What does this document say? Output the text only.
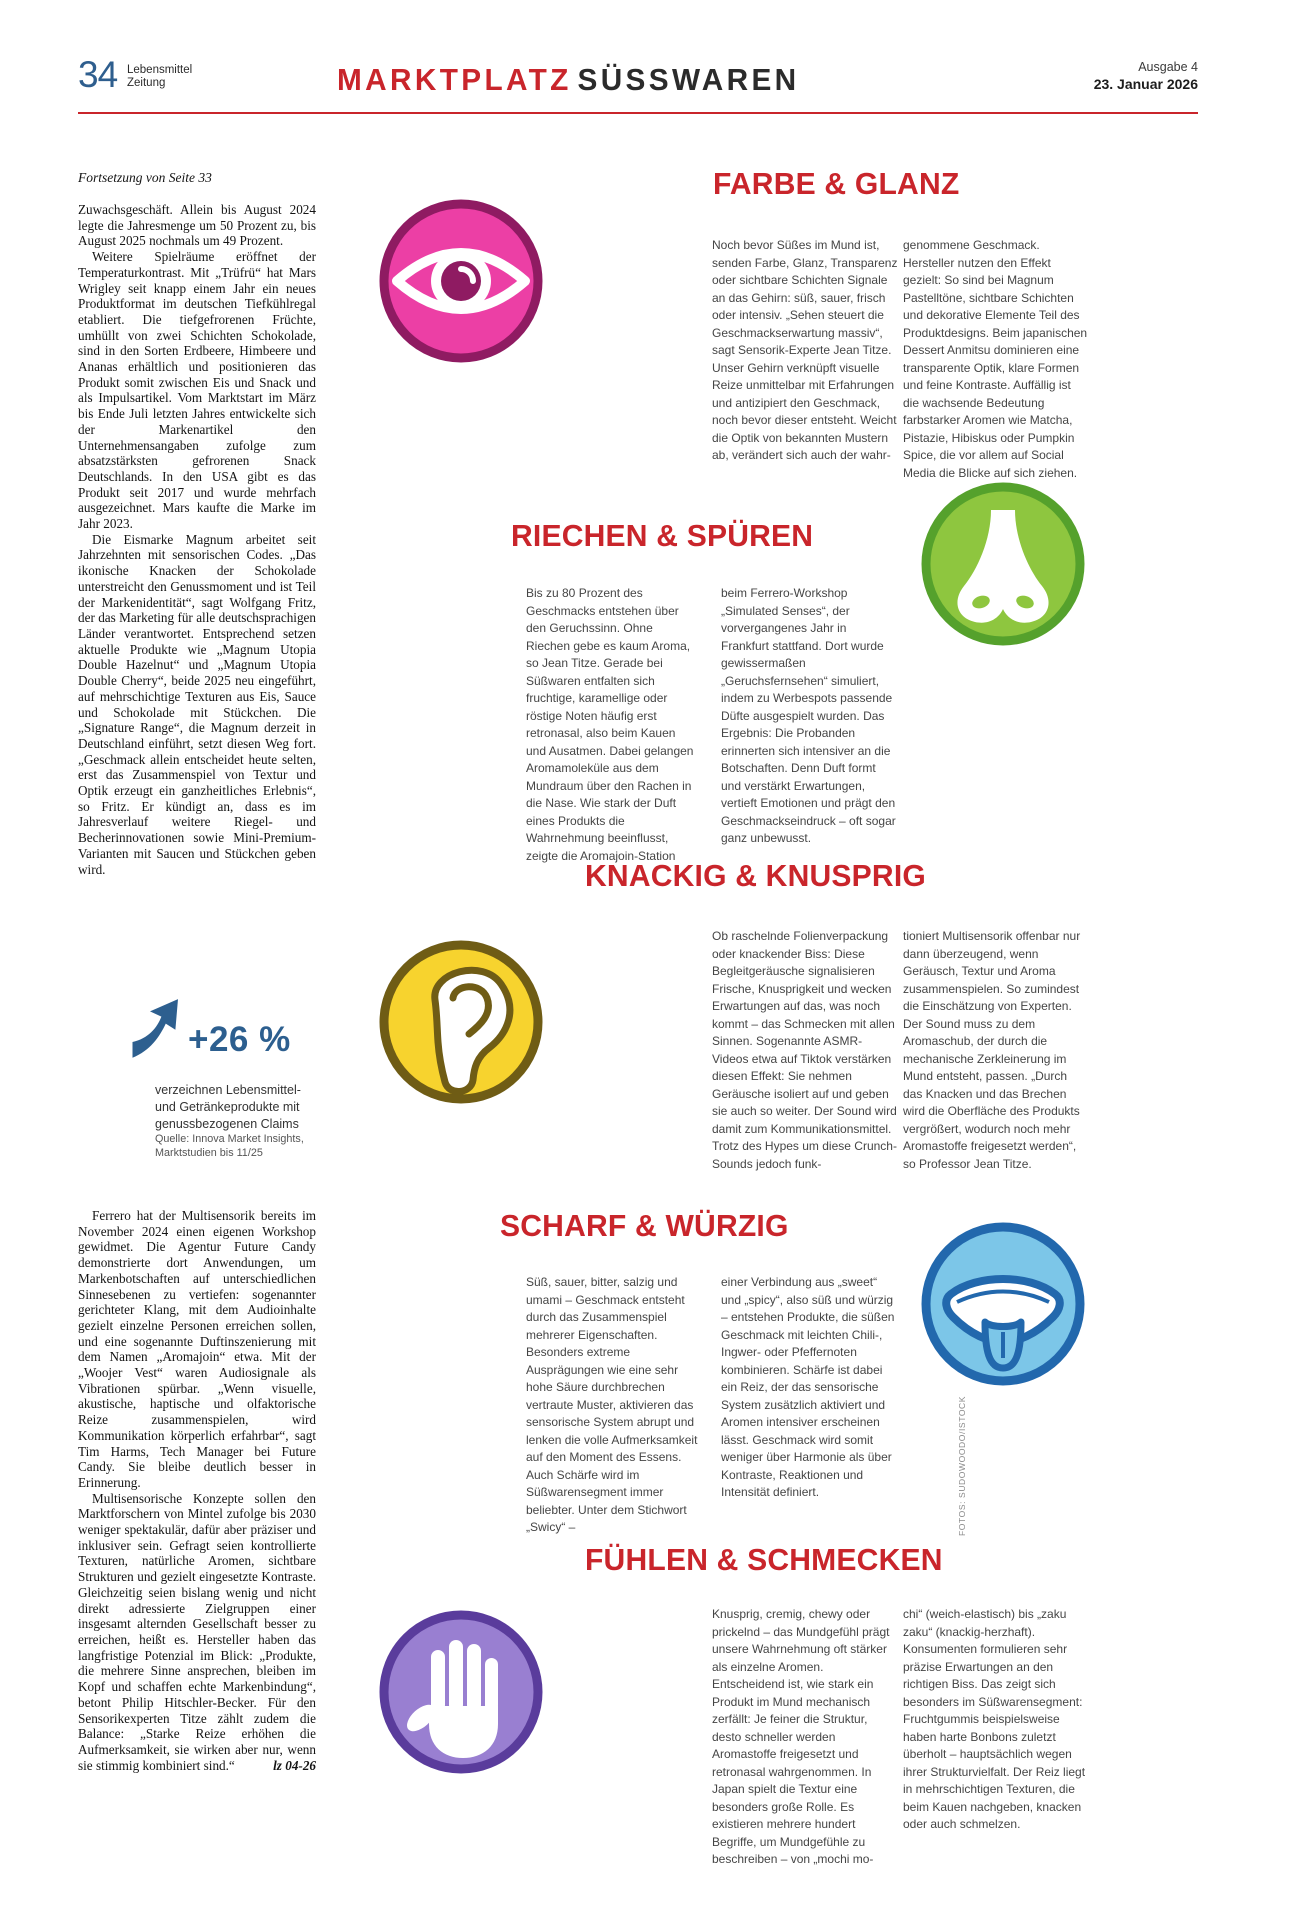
34 Lebensmittel
Zeitung	MARKTPLATZ SÜSSWAREN	Ausgabe 4
23. Januar 2026
Fortsetzung von Seite 33

Zuwachsgeschäft. Allein bis August 2024 legte die Jahresmenge um 50 Prozent zu, bis August 2025 nochmals um 49 Prozent.

Weitere Spielräume eröffnet der Temperaturkontrast. Mit „Trüfrü“ hat Mars Wrigley seit knapp einem Jahr ein neues Produktformat im deutschen Tiefkühlregal etabliert. Die tiefgefrorenen Früchte, umhüllt von zwei Schichten Schokolade, sind in den Sorten Erdbeere, Himbeere und Ananas erhältlich und positionieren das Produkt somit zwischen Eis und Snack und als Impulsartikel. Vom Marktstart im März bis Ende Juli letzten Jahres entwickelte sich der Markenartikel den Unternehmensangaben zufolge zum absatzstärksten gefrorenen Snack Deutschlands. In den USA gibt es das Produkt seit 2017 und wurde mehrfach ausgezeichnet. Mars kaufte die Marke im Jahr 2023.

Die Eismarke Magnum arbeitet seit Jahrzehnten mit sensorischen Codes. „Das ikonische Knacken der Schokolade unterstreicht den Genussmoment und ist Teil der Markenidentität“, sagt Wolfgang Fritz, der das Marketing für alle deutschsprachigen Länder verantwortet. Entsprechend setzen aktuelle Produkte wie „Magnum Utopia Double Hazelnut“ und „Magnum Utopia Double Cherry“, beide 2025 neu eingeführt, auf mehrschichtige Texturen aus Eis, Sauce und Schokolade mit Stückchen. Die „Signature Range“, die Magnum derzeit in Deutschland einführt, setzt diesen Weg fort. „Geschmack allein entscheidet heute selten, erst das Zusammenspiel von Textur und Optik erzeugt ein ganzheitliches Erlebnis“, so Fritz. Er kündigt an, dass es im Jahresverlauf weitere Riegel- und Becherinnovationen sowie Mini-Premium-Varianten mit Saucen und Stückchen geben wird.

+26 %
verzeichnen Lebensmittel- und Getränkeprodukte mit genussbezogenen Claims
Quelle: Innova Market Insights, Marktstudien bis 11/25

Ferrero hat der Multisensorik bereits im November 2024 einen eigenen Workshop gewidmet. Die Agentur Future Candy demonstrierte dort Anwendungen, um Markenbotschaften auf unterschiedlichen Sinnesebenen zu vertiefen: sogenannter gerichteter Klang, mit dem Audioinhalte gezielt einzelne Personen erreichen sollen, und eine sogenannte Duftinszenierung mit dem Namen „Aromajoin“ etwa. Mit der „Woojer Vest“ waren Audiosignale als Vibrationen spürbar. „Wenn visuelle, akustische, haptische und olfaktorische Reize zusammenspielen, wird Kommunikation körperlich erfahrbar“, sagt Tim Harms, Tech Manager bei Future Candy. Sie bleibe deutlich besser in Erinnerung.

Multisensorische Konzepte sollen den Marktforschern von Mintel zufolge bis 2030 weniger spektakulär, dafür aber präziser und inklusiver sein. Gefragt seien kontrollierte Texturen, natürliche Aromen, sichtbare Strukturen und gezielt eingesetzte Kontraste. Gleichzeitig seien bislang wenig und nicht direkt adressierte Zielgruppen einer insgesamt alternden Gesellschaft besser zu erreichen, heißt es. Hersteller haben das langfristige Potenzial im Blick: „Produkte, die mehrere Sinne ansprechen, bleiben im Kopf und schaffen echte Markenbindung“, betont Philip Hitschler-Becker. Für den Sensorikexperten Titze zählt zudem die Balance: „Starke Reize erhöhen die Aufmerksamkeit, sie wirken aber nur, wenn sie stimmig kombiniert sind.“	lz 04-26
FARBE & GLANZ
Noch bevor Süßes im Mund ist, senden Farbe, Glanz, Transparenz oder sichtbare Schichten Signale an das Gehirn: süß, sauer, frisch oder intensiv. „Sehen steuert die Geschmackserwartung massiv“, sagt Sensorik-Experte Jean Titze. Unser Gehirn verknüpft visuelle Reize unmittelbar mit Erfahrungen und antizipiert den Geschmack, noch bevor dieser entsteht. Weicht die Optik von bekannten Mustern ab, verändert sich auch der wahr-
genommene Geschmack. Hersteller nutzen den Effekt gezielt: So sind bei Magnum Pastelltöne, sichtbare Schichten und dekorative Elemente Teil des Produktdesigns. Beim japanischen Dessert Anmitsu dominieren eine transparente Optik, klare Formen und feine Kontraste. Auffällig ist die wachsende Bedeutung farbstarker Aromen wie Matcha, Pistazie, Hibiskus oder Pumpkin Spice, die vor allem auf Social Media die Blicke auf sich ziehen.
RIECHEN & SPÜREN
Bis zu 80 Prozent des Geschmacks entstehen über den Geruchssinn. Ohne Riechen gebe es kaum Aroma, so Jean Titze. Gerade bei Süßwaren entfalten sich fruchtige, karamellige oder röstige Noten häufig erst retronasal, also beim Kauen und Ausatmen. Dabei gelangen Aromamoleküle aus dem Mundraum über den Rachen in die Nase. Wie stark der Duft eines Produkts die Wahrnehmung beeinflusst, zeigte die Aromajoin-Station
beim Ferrero-Workshop „Simulated Senses“, der vorvergangenes Jahr in Frankfurt stattfand. Dort wurde gewissermaßen „Geruchsfernsehen“ simuliert, indem zu Werbespots passende Düfte ausgespielt wurden. Das Ergebnis: Die Probanden erinnerten sich intensiver an die Botschaften. Denn Duft formt und verstärkt Erwartungen, vertieft Emotionen und prägt den Geschmackseindruck – oft sogar ganz unbewusst.
KNACKIG & KNUSPRIG
Ob raschelnde Folienverpackung oder knackender Biss: Diese Begleitgeräusche signalisieren Frische, Knusprigkeit und wecken Erwartungen auf das, was noch kommt – das Schmecken mit allen Sinnen. Sogenannte ASMR-Videos etwa auf Tiktok verstärken diesen Effekt: Sie nehmen Geräusche isoliert auf und geben sie auch so weiter. Der Sound wird damit zum Kommunikationsmittel. Trotz des Hypes um diese Crunch-Sounds jedoch funk-
tioniert Multisensorik offenbar nur dann überzeugend, wenn Geräusch, Textur und Aroma zusammenspielen. So zumindest die Einschätzung von Experten. Der Sound muss zu dem Aromaschub, der durch die mechanische Zerkleinerung im Mund entsteht, passen. „Durch das Knacken und das Brechen wird die Oberfläche des Produkts vergrößert, wodurch noch mehr Aromastoffe freigesetzt werden“, so Professor Jean Titze.
SCHARF & WÜRZIG
Süß, sauer, bitter, salzig und umami – Geschmack entsteht durch das Zusammenspiel mehrerer Eigenschaften. Besonders extreme Ausprägungen wie eine sehr hohe Säure durchbrechen vertraute Muster, aktivieren das sensorische System abrupt und lenken die volle Aufmerksamkeit auf den Moment des Essens. Auch Schärfe wird im Süßwarensegment immer beliebter. Unter dem Stichwort „Swicy“ –
einer Verbindung aus „sweet“ und „spicy“, also süß und würzig – entstehen Produkte, die süßen Geschmack mit leichten Chili-, Ingwer- oder Pfeffernoten kombinieren. Schärfe ist dabei ein Reiz, der das sensorische System zusätzlich aktiviert und Aromen intensiver erscheinen lässt. Geschmack wird somit weniger über Harmonie als über Kontraste, Reaktionen und Intensität definiert.
FÜHLEN & SCHMECKEN
Knusprig, cremig, chewy oder prickelnd – das Mundgefühl prägt unsere Wahrnehmung oft stärker als einzelne Aromen. Entscheidend ist, wie stark ein Produkt im Mund mechanisch zerfällt: Je feiner die Struktur, desto schneller werden Aromastoffe freigesetzt und retronasal wahrgenommen. In Japan spielt die Textur eine besonders große Rolle. Es existieren mehrere hundert Begriffe, um Mundgefühle zu beschreiben – von „mochi mo-
chi“ (weich-elastisch) bis „zaku zaku“ (knackig-herzhaft). Konsumenten formulieren sehr präzise Erwartungen an den richtigen Biss. Das zeigt sich besonders im Süßwarensegment: Fruchtgummis beispielsweise haben harte Bonbons zuletzt überholt – hauptsächlich wegen ihrer Strukturvielfalt. Der Reiz liegt in mehrschichtigen Texturen, die beim Kauen nachgeben, knacken oder auch schmelzen.
FOTOS: SUDOWOODO/ISTOCK
